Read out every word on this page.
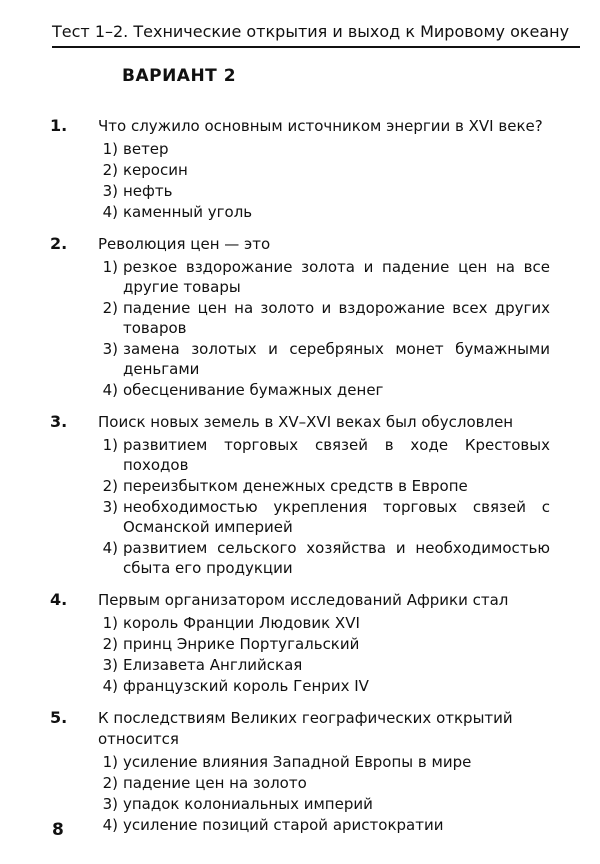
Тест 1–2. Технические открытия и выход к Мировому океану
ВАРИАНТ 2
1. Что служило основным источником энергии в XVI веке?
1) ветер
2) керосин
3) нефть
4) каменный уголь
2. Революция цен — это
1) резкое вздорожание золота и падение цен на все другие товары
2) падение цен на золото и вздорожание всех других товаров
3) замена золотых и серебряных монет бумажными деньгами
4) обесценивание бумажных денег
3. Поиск новых земель в XV–XVI веках был обусловлен
1) развитием торговых связей в ходе Крестовых походов
2) переизбытком денежных средств в Европе
3) необходимостью укрепления торговых связей с Османской империей
4) развитием сельского хозяйства и необходимостью сбыта его продукции
4. Первым организатором исследований Африки стал
1) король Франции Людовик XVI
2) принц Энрике Португальский
3) Елизавета Английская
4) французский король Генрих IV
5. К последствиям Великих географических открытий относится
1) усиление влияния Западной Европы в мире
2) падение цен на золото
3) упадок колониальных империй
4) усиление позиций старой аристократии
8
